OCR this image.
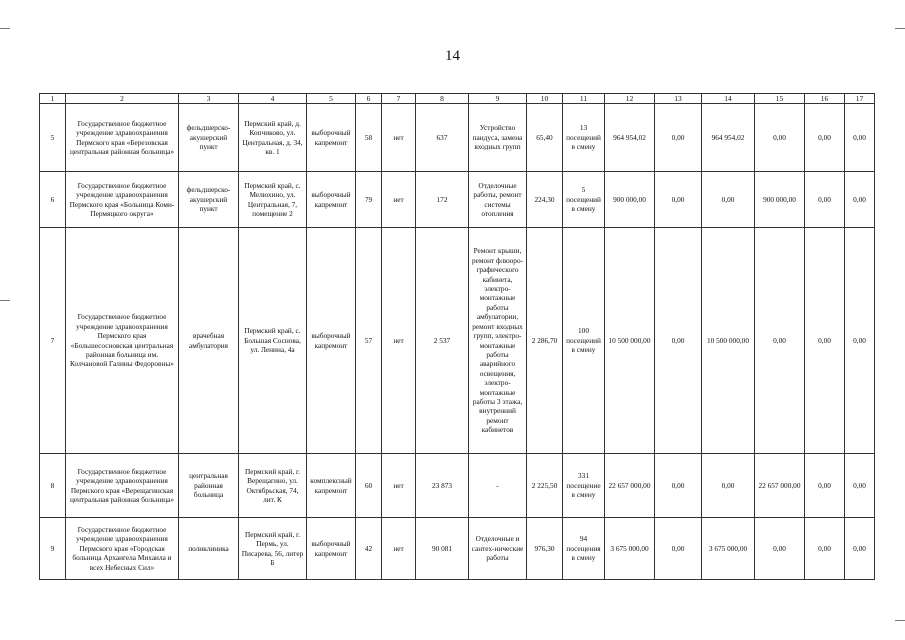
14
1	2	3	4	5	6	7	8	9	10	11	12	13	14	15	16	17
5	Государственное бюджетное учреждение здравоохранения Пермского края «Березовская центральная районная больница»	фельдшерско-акушерский пункт	Пермский край, д. Копчиково, ул. Центральная, д. 34, кв. 1	выборочный капремонт	58	нет	637	Устройство пандуса, замена входных групп	65,40	13 посещений в смену	964 954,02	0,00	964 954,02	0,00	0,00	0,00
6	Государственное бюджетное учреждение здравоохранения Пермского края «Больница Коми-Пермяцкого округа»	фельдшерско-акушерский пункт	Пермский край, с. Мелюхино, ул. Центральная, 7, помещение 2	выборочный капремонт	79	нет	172	Отделочные работы, ремонт системы отопления	224,30	5 посещений в смену	900 000,00	0,00	0,00	900 000,00	0,00	0,00
7	Государственное бюджетное учреждение здравоохранения Пермского края «Большесосновская центральная районная больница им. Колчановой Галины Федоровны»	врачебная амбулатория	Пермский край, с. Большая Соснова, ул. Ленина, 4а	выборочный капремонт	57	нет	2 537	Ремонт крыши, ремонт флюоро-графического кабинета, электро-монтажные работы амбулатории, ремонт входных групп, электро-монтажные работы аварийного освещения, электро-монтажные работы 3 этажа, внутренний ремонт кабинетов	2 286,70	100 посещений в смену	10 500 000,00	0,00	10 500 000,00	0,00	0,00	0,00
8	Государственное бюджетное учреждение здравоохранения Пермского края «Верещагинская центральная районная больница»	центральная районная больница	Пермский край, г. Верещагино, ул. Октябрьская, 74, лит. К	комплексный капремонт	60	нет	23 873	-	2 225,50	331 посещение в смену	22 657 000,00	0,00	0,00	22 657 000,00	0,00	0,00
9	Государственное бюджетное учреждение здравоохранения Пермского края «Городская больница Архангела Михаила и всех Небесных Сил»	поликлиника	Пермский край, г. Пермь, ул. Писарева, 56, литер Б	выборочный капремонт	42	нет	90 081	Отделочные и сантех-нические работы	976,30	94 посещения в смену	3 675 000,00	0,00	3 675 000,00	0,00	0,00	0,00
